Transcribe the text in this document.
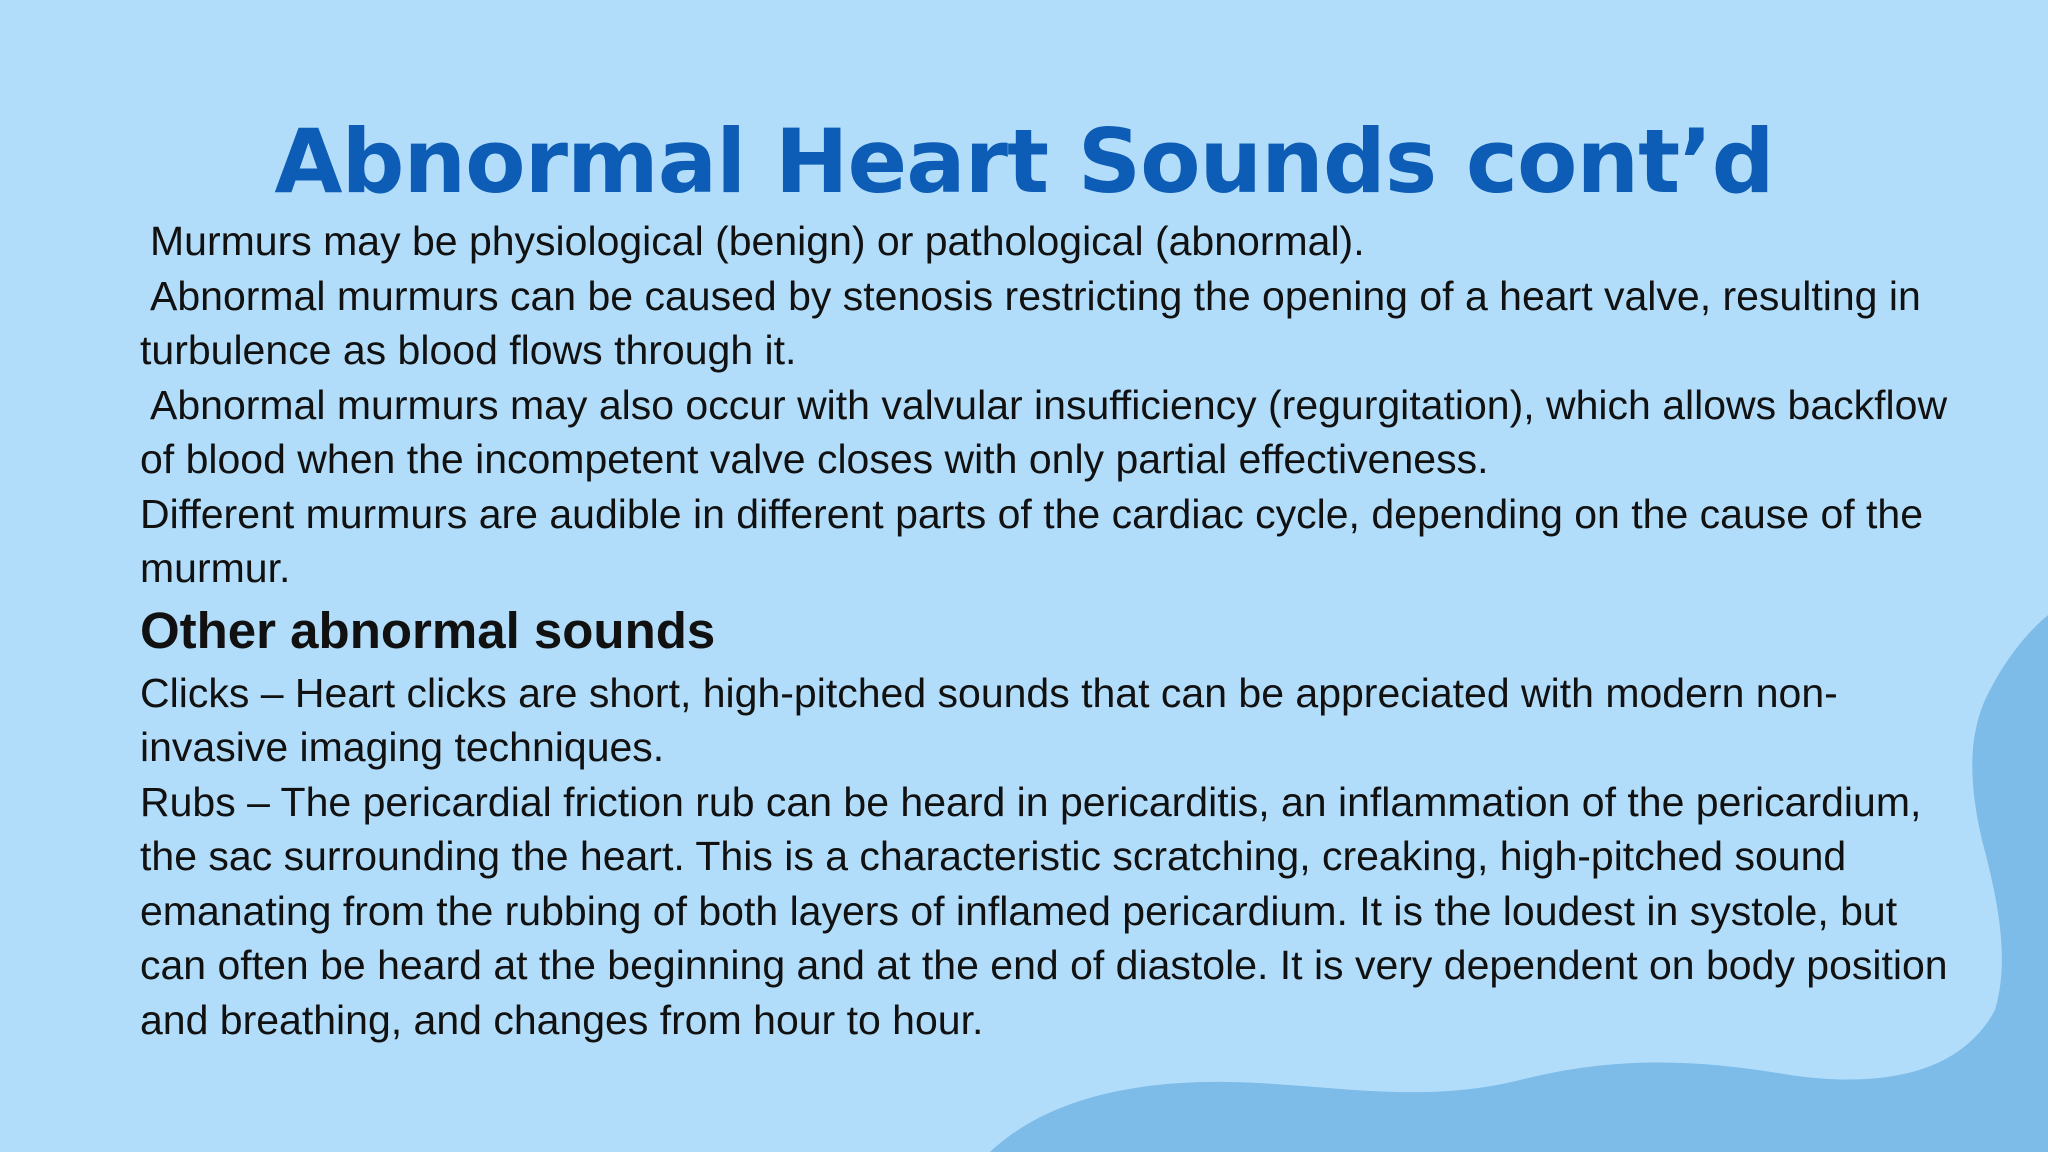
Abnormal Heart Sounds cont’d

Murmurs may be physiological (benign) or pathological (abnormal).

Abnormal murmurs can be caused by stenosis restricting the opening of a heart valve, resulting in turbulence as blood flows through it.

Abnormal murmurs may also occur with valvular insufficiency (regurgitation), which allows backflow of blood when the incompetent valve closes with only partial effectiveness.

Different murmurs are audible in different parts of the cardiac cycle, depending on the cause of the murmur.

Other abnormal sounds

Clicks – Heart clicks are short, high-pitched sounds that can be appreciated with modern non-invasive imaging techniques.

Rubs – The pericardial friction rub can be heard in pericarditis, an inflammation of the pericardium, the sac surrounding the heart. This is a characteristic scratching, creaking, high-pitched sound emanating from the rubbing of both layers of inflamed pericardium. It is the loudest in systole, but can often be heard at the beginning and at the end of diastole. It is very dependent on body position and breathing, and changes from hour to hour.
